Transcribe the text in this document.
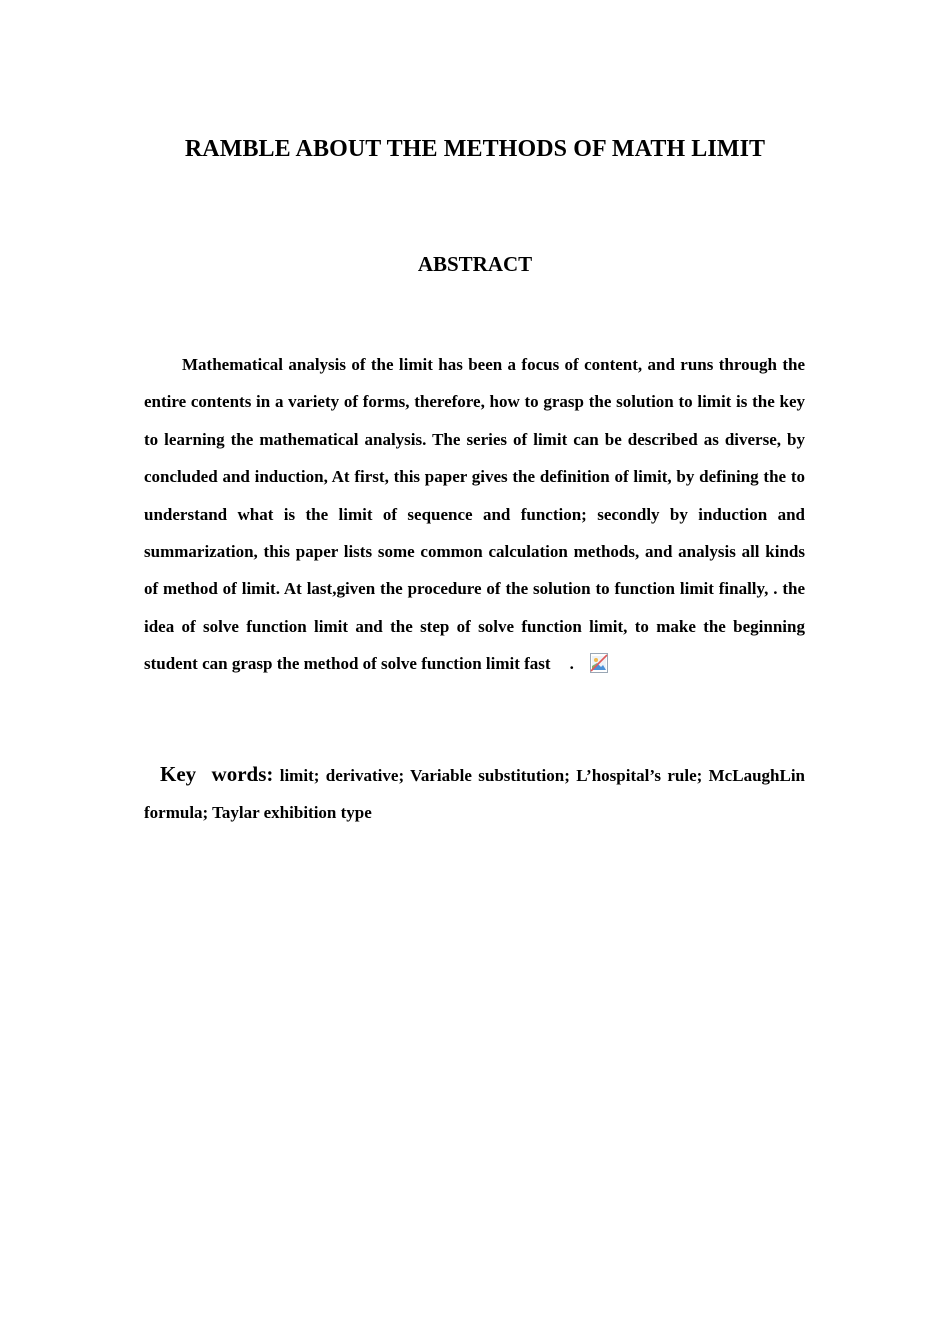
RAMBLE ABOUT THE METHODS OF MATH LIMIT
ABSTRACT

Mathematical analysis of the limit has been a focus of content, and runs through the entire contents in a variety of forms, therefore, how to grasp the solution to limit is the key to learning the mathematical analysis. The series of limit can be described as diverse, by concluded and induction, At first, this paper gives the definition of limit, by defining the to understand what is the limit of sequence and function; secondly by induction and summarization, this paper lists some common calculation methods, and analysis all kinds of method of limit. At last,given the procedure of the solution to function limit finally, . the idea of solve function limit and the step of solve function limit, to make the beginning student can grasp the method of solve function limit fast .

Key words: limit; derivative; Variable substitution; L’hospital’s rule; McLaughLin formula; Taylar exhibition type
